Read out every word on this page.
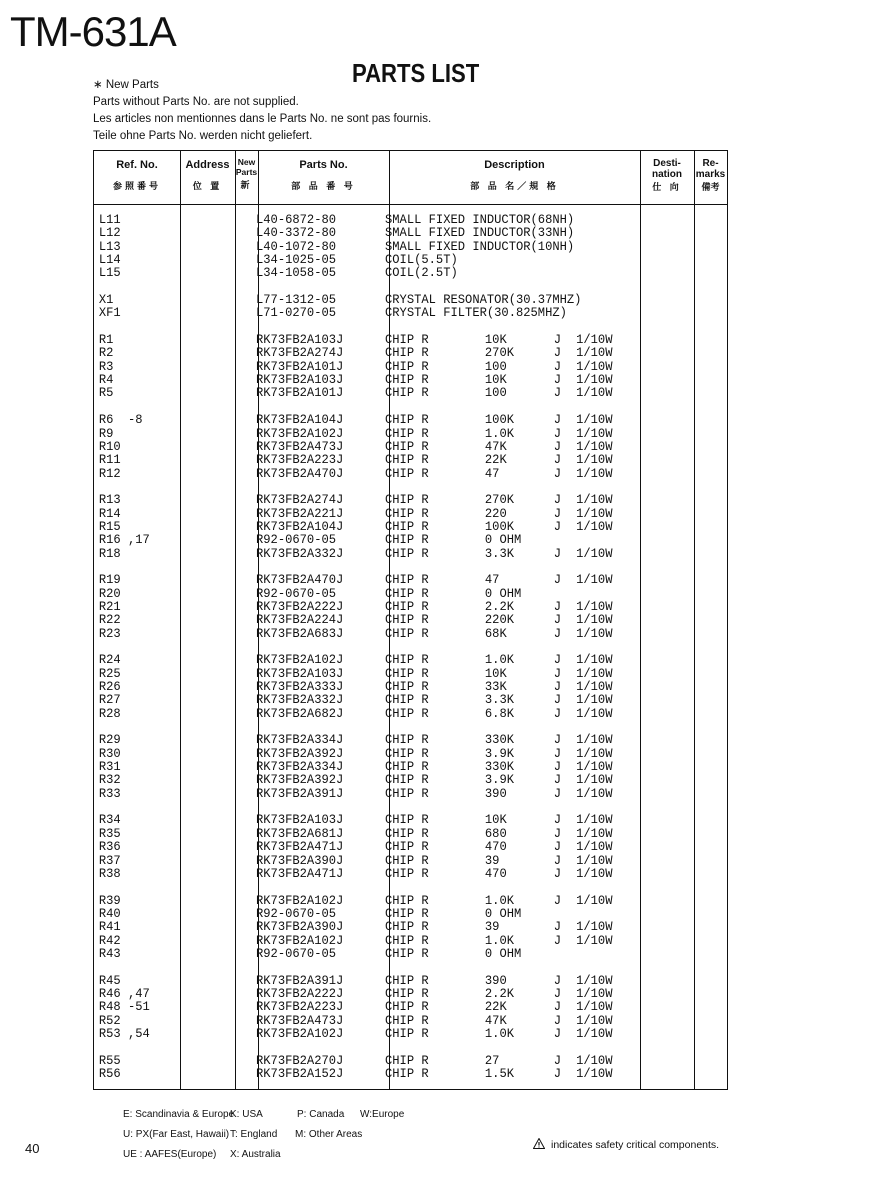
TM-631A
PARTS LIST
∗ New Parts
Parts without Parts No. are not supplied.
Les articles non mentionnes dans le Parts No. ne sont pas fournis.
Teile ohne Parts No. werden nicht geliefert.
Ref. No.
参照番号
Address
位 置
New Parts
新
Parts No.
部 品 番 号
Description
部 品 名／規 格
Desti- nation
仕 向
Re- marks
備考
L11	L40-6872-80	SMALL FIXED INDUCTOR(68NH)
L12	L40-3372-80	SMALL FIXED INDUCTOR(33NH)
L13	L40-1072-80	SMALL FIXED INDUCTOR(10NH)
L14	L34-1025-05	COIL(5.5T)
L15	L34-1058-05	COIL(2.5T)
X1	L77-1312-05	CRYSTAL RESONATOR(30.37MHZ)
XF1	L71-0270-05	CRYSTAL FILTER(30.825MHZ)
R1	RK73FB2A103J	CHIP R	10K	J 1/10W
R2	RK73FB2A274J	CHIP R	270K	J 1/10W
R3	RK73FB2A101J	CHIP R	100	J 1/10W
R4	RK73FB2A103J	CHIP R	10K	J 1/10W
R5	RK73FB2A101J	CHIP R	100	J 1/10W
R6  -8	RK73FB2A104J	CHIP R	100K	J 1/10W
R9	RK73FB2A102J	CHIP R	1.0K	J 1/10W
R10	RK73FB2A473J	CHIP R	47K	J 1/10W
R11	RK73FB2A223J	CHIP R	22K	J 1/10W
R12	RK73FB2A470J	CHIP R	47	J 1/10W
R13	RK73FB2A274J	CHIP R	270K	J 1/10W
R14	RK73FB2A221J	CHIP R	220	J 1/10W
R15	RK73FB2A104J	CHIP R	100K	J 1/10W
R16 ,17	R92-0670-05	CHIP R	0 OHM
R18	RK73FB2A332J	CHIP R	3.3K	J 1/10W
R19	RK73FB2A470J	CHIP R	47	J 1/10W
R20	R92-0670-05	CHIP R	0 OHM
R21	RK73FB2A222J	CHIP R	2.2K	J 1/10W
R22	RK73FB2A224J	CHIP R	220K	J 1/10W
R23	RK73FB2A683J	CHIP R	68K	J 1/10W
R24	RK73FB2A102J	CHIP R	1.0K	J 1/10W
R25	RK73FB2A103J	CHIP R	10K	J 1/10W
R26	RK73FB2A333J	CHIP R	33K	J 1/10W
R27	RK73FB2A332J	CHIP R	3.3K	J 1/10W
R28	RK73FB2A682J	CHIP R	6.8K	J 1/10W
R29	RK73FB2A334J	CHIP R	330K	J 1/10W
R30	RK73FB2A392J	CHIP R	3.9K	J 1/10W
R31	RK73FB2A334J	CHIP R	330K	J 1/10W
R32	RK73FB2A392J	CHIP R	3.9K	J 1/10W
R33	RK73FB2A391J	CHIP R	390	J 1/10W
R34	RK73FB2A103J	CHIP R	10K	J 1/10W
R35	RK73FB2A681J	CHIP R	680	J 1/10W
R36	RK73FB2A471J	CHIP R	470	J 1/10W
R37	RK73FB2A390J	CHIP R	39	J 1/10W
R38	RK73FB2A471J	CHIP R	470	J 1/10W
R39	RK73FB2A102J	CHIP R	1.0K	J 1/10W
R40	R92-0670-05	CHIP R	0 OHM
R41	RK73FB2A390J	CHIP R	39	J 1/10W
R42	RK73FB2A102J	CHIP R	1.0K	J 1/10W
R43	R92-0670-05	CHIP R	0 OHM
R45	RK73FB2A391J	CHIP R	390	J 1/10W
R46 ,47	RK73FB2A222J	CHIP R	2.2K	J 1/10W
R48 -51	RK73FB2A223J	CHIP R	22K	J 1/10W
R52	RK73FB2A473J	CHIP R	47K	J 1/10W
R53 ,54	RK73FB2A102J	CHIP R	1.0K	J 1/10W
R55	RK73FB2A270J	CHIP R	27	J 1/10W
R56	RK73FB2A152J	CHIP R	1.5K	J 1/10W
E: Scandinavia & Europe
K: USA	P: Canada W:Europe
U: PX(Far East, Hawaii) T: England M: Other Areas
UE : AAFES(Europe) X: Australia
40	indicates safety critical components.
